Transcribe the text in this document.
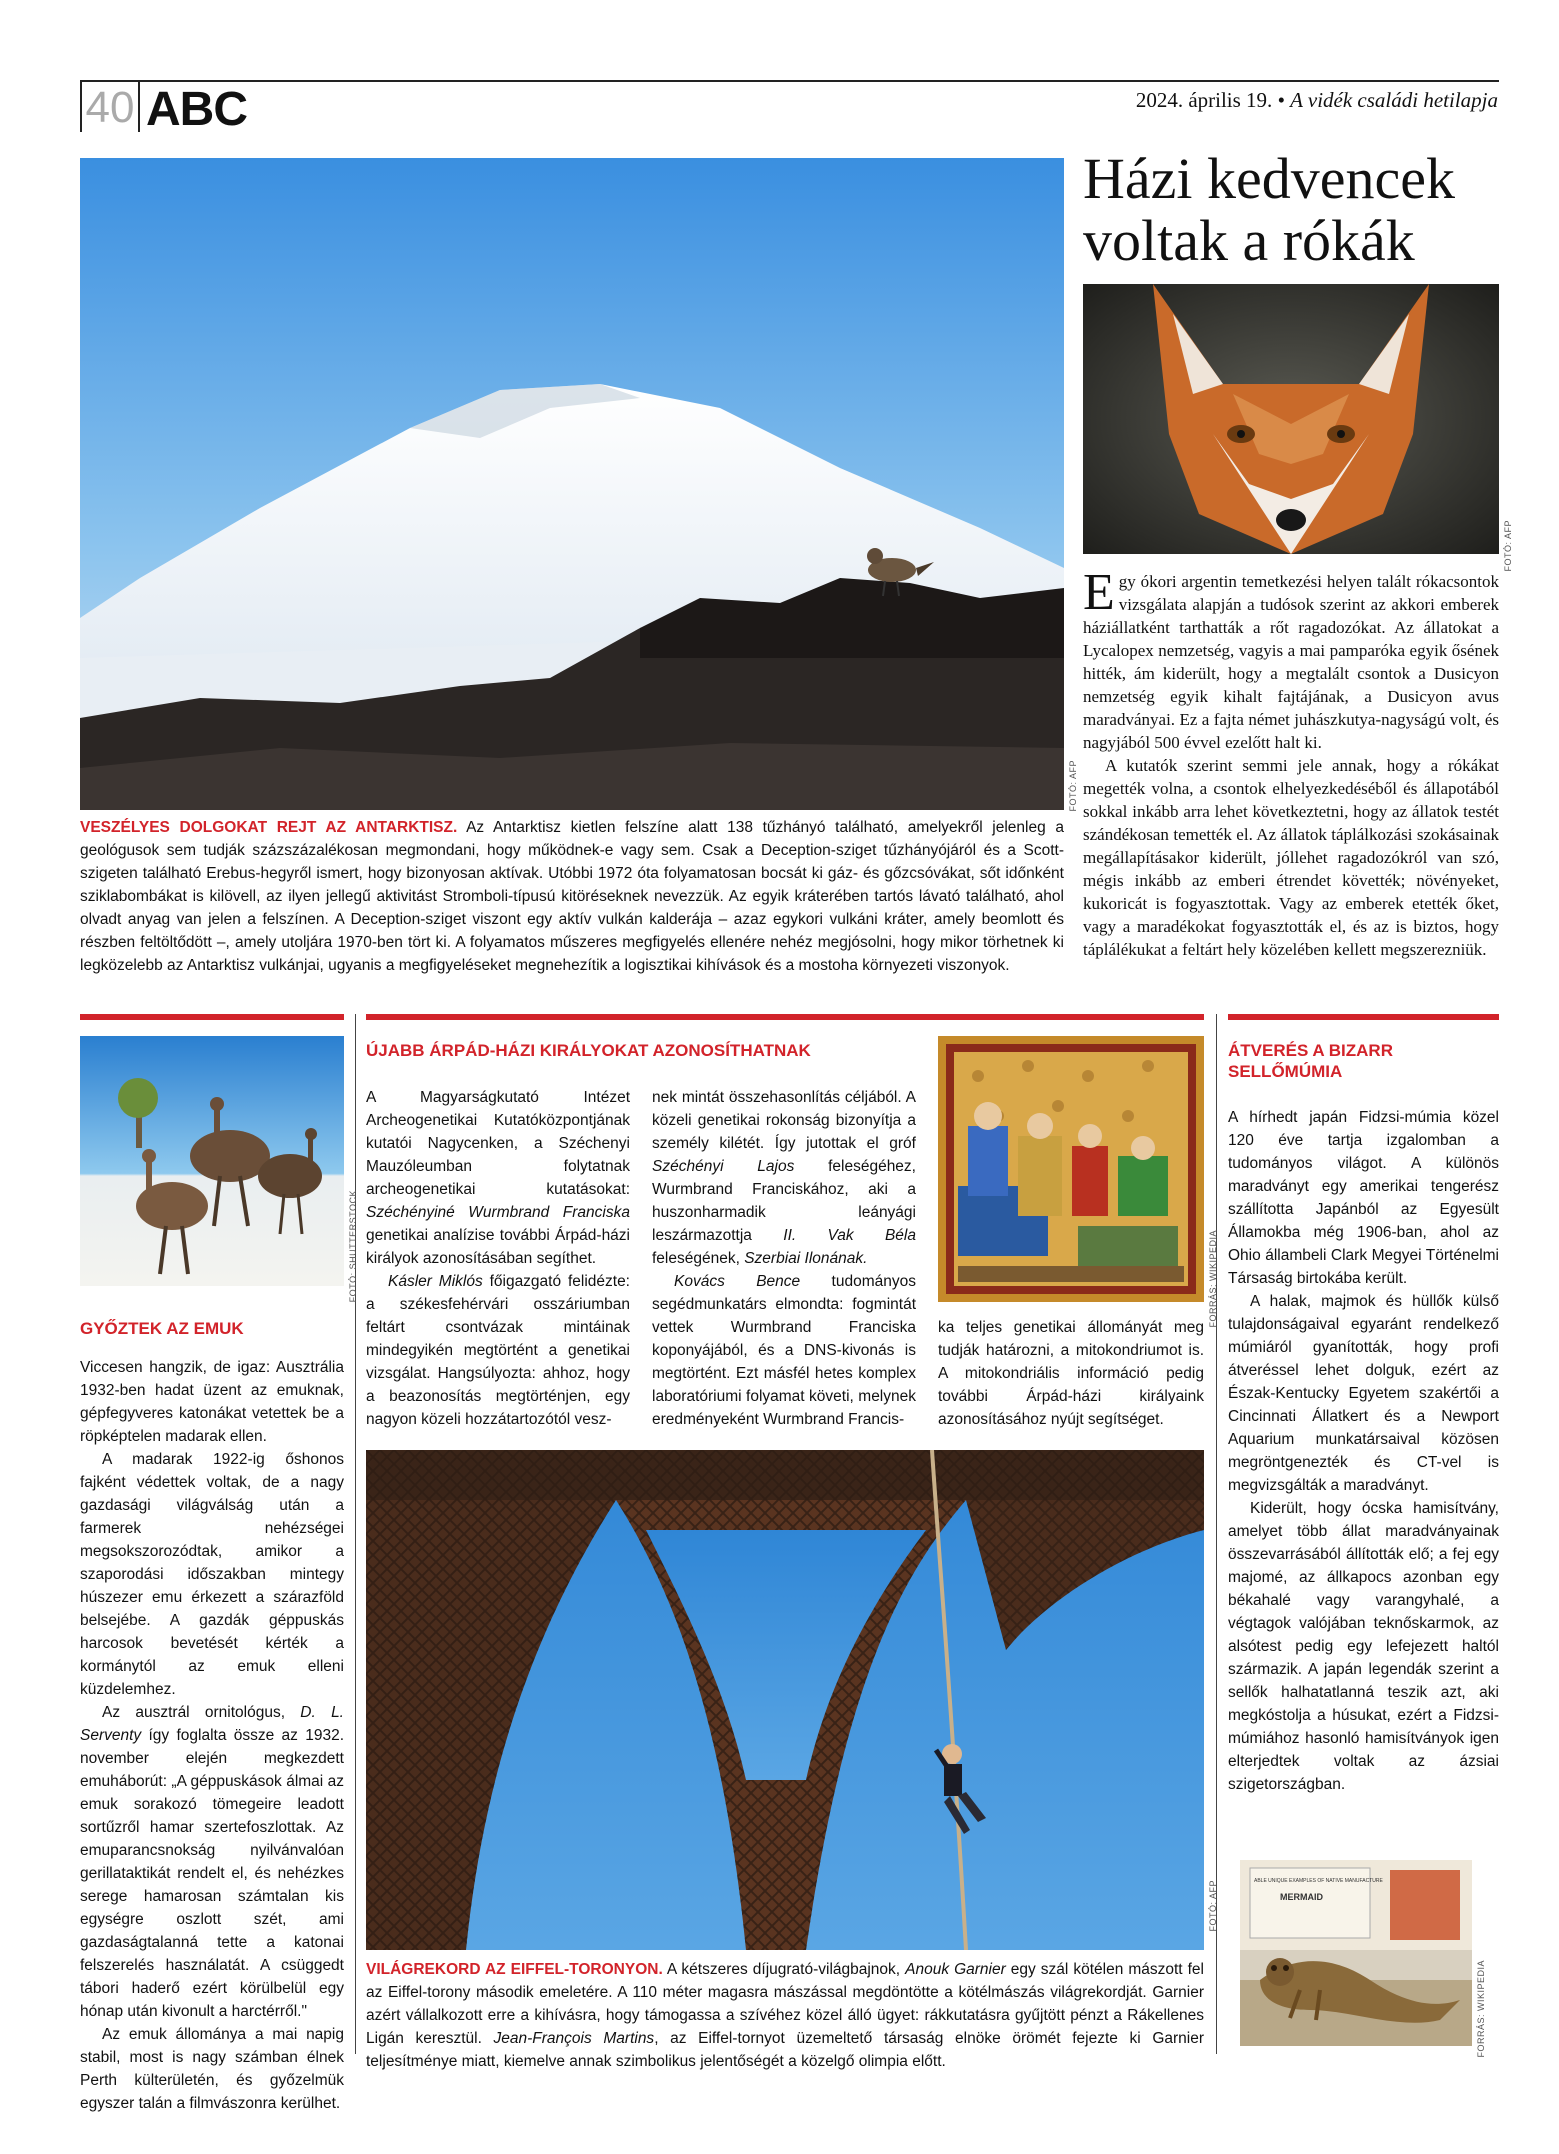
40 ABC	2024. április 19. • A vidék családi hetilapja
FOTÓ: AFP
VESZÉLYES DOLGOKAT REJT AZ ANTARKTISZ. Az Antarktisz kietlen felszíne alatt 138 tűzhányó található, amelyekről jelenleg a geológusok sem tudják százszázalékosan megmondani, hogy működnek-e vagy sem. Csak a Deception-sziget tűzhányójáról és a Scott-szigeten található Erebus-hegyről ismert, hogy bizonyosan aktívak. Utóbbi 1972 óta folyamatosan bocsát ki gáz- és gőzcsóvákat, sőt időnként sziklabombákat is kilövell, az ilyen jellegű aktivitást Stromboli-típusú kitöréseknek nevezzük. Az egyik kráterében tartós lávató található, ahol olvadt anyag van jelen a felszínen. A Deception-sziget viszont egy aktív vulkán kalderája – azaz egykori vulkáni kráter, amely beomlott és részben feltöltődött –, amely utoljára 1970-ben tört ki. A folyamatos műszeres megfigyelés ellenére nehéz megjósolni, hogy mikor törhetnek ki legközelebb az Antarktisz vulkánjai, ugyanis a megfigyeléseket megnehezítik a logisztikai kihívások és a mostoha környezeti viszonyok.
Házi kedvencek voltak a rókák
FOTÓ: AFP

Egy ókori argentin temetkezési helyen talált rókacsontok vizsgálata alapján a tudósok szerint az akkori emberek háziállatként tarthatták a rőt ragadozókat. Az állatokat a Lycalopex nemzetség, vagyis a mai pamparóka egyik ősének hitték, ám kiderült, hogy a megtalált csontok a Dusicyon nemzetség egyik kihalt fajtájának, a Dusicyon avus maradványai. Ez a fajta német juhászkutya-nagyságú volt, és nagyjából 500 évvel ezelőtt halt ki.

A kutatók szerint semmi jele annak, hogy a rókákat megették volna, a csontok elhelyezkedéséből és állapotából sokkal inkább arra lehet következtetni, hogy az állatok testét szándékosan temették el. Az állatok táplálkozási szokásainak megállapításakor kiderült, jóllehet ragadozókról van szó, mégis inkább az emberi étrendet követték; növényeket, kukoricát is fogyasztottak. Vagy az emberek etették őket, vagy a maradékokat fogyasztották el, és az is biztos, hogy táplálékukat a feltárt hely közelében kellett megszerezniük.

FOTÓ: SHUTTERSTOCK
GYŐZTEK AZ EMUK

Viccesen hangzik, de igaz: Ausztrália 1932-ben hadat üzent az emuknak, gépfegyveres katonákat vetettek be a röpképtelen madarak ellen.

A madarak 1922-ig őshonos fajként védettek voltak, de a nagy gazdasági világválság után a farmerek nehézségei megsokszorozódtak, amikor a szaporodási időszakban mintegy húszezer emu érkezett a szárazföld belsejébe. A gazdák géppuskás harcosok bevetését kérték a kormánytól az emuk elleni küzdelemhez.

Az ausztrál ornitológus, D. L. Serventy így foglalta össze az 1932. november elején megkezdett emuháborút: „A géppuskások álmai az emuk sorakozó tömegeire leadott sortűzről hamar szertefoszlottak. Az emuparancsnokság nyilvánvalóan gerillataktikát rendelt el, és nehézkes serege hamarosan számtalan kis egységre oszlott szét, ami gazdaságtalanná tette a katonai felszerelés használatát. A csüggedt tábori haderő ezért körülbelül egy hónap után kivonult a harctérről."

Az emuk állománya a mai napig stabil, most is nagy számban élnek Perth külterületén, és győzelmük egyszer talán a filmvászonra kerülhet.

ÚJABB ÁRPÁD-HÁZI KIRÁLYOKAT AZONOSÍTHATNAK

A Magyarságkutató Intézet Archeogenetikai Kutatóközpontjának kutatói Nagycenken, a Széchenyi Mauzóleumban folytatnak archeogenetikai kutatásokat: Széchényiné Wurmbrand Franciska genetikai analízise további Árpád-házi királyok azonosításában segíthet.

Kásler Miklós főigazgató felidézte: a székesfehérvári osszáriumban feltárt csontvázak mintáinak mindegyikén megtörtént a genetikai vizsgálat. Hangsúlyozta: ahhoz, hogy a beazonosítás megtörténjen, egy nagyon közeli hozzátartozótól vesz-

nek mintát összehasonlítás céljából. A közeli genetikai rokonság bizonyítja a személy kilétét. Így jutottak el gróf Széchényi Lajos feleségéhez, Wurmbrand Franciskához, aki a huszonharmadik leányági leszármazottja II. Vak Béla feleségének, Szerbiai Ilonának.

Kovács Bence tudományos segédmunkatárs elmondta: fogmintát vettek Wurmbrand Franciska koponyájából, és a DNS-kivonás is megtörtént. Ezt másfél hetes komplex laboratóriumi folyamat követi, melynek eredményeként Wurmbrand Francis-

FORRÁS: WIKIPEDIA

ka teljes genetikai állományát meg tudják határozni, a mitokondriumot is. A mitokondriális információ pedig további Árpád-házi királyaink azonosításához nyújt segítséget.

FOTÓ: AFP
VILÁGREKORD AZ EIFFEL-TORONYON. A kétszeres díjugrató-világbajnok, Anouk Garnier egy szál kötélen mászott fel az Eiffel-torony második emeletére. A 110 méter magasra mászással megdöntötte a kötélmászás világrekordját. Garnier azért vállalkozott erre a kihívásra, hogy támogassa a szívéhez közel álló ügyet: rákkutatásra gyűjtött pénzt a Rákellenes Ligán keresztül. Jean-François Martins, az Eiffel-tornyot üzemeltető társaság elnöke örömét fejezte ki Garnier teljesítménye miatt, kiemelve annak szimbolikus jelentőségét a közelgő olimpia előtt.
ÁTVERÉS A BIZARR
SELLŐMÚMIA

A hírhedt japán Fidzsi-múmia közel 120 éve tartja izgalomban a tudományos világot. A különös maradványt egy amerikai tengerész szállította Japánból az Egyesült Államokba még 1906-ban, ahol az Ohio állambeli Clark Megyei Történelmi Társaság birtokába került.

A halak, majmok és hüllők külső tulajdonságaival egyaránt rendelkező múmiáról gyanították, hogy profi átveréssel lehet dolguk, ezért az Észak-Kentucky Egyetem szakértői a Cincinnati Állatkert és a Newport Aquarium munkatársaival közösen megröntgenezték és CT-vel is megvizsgálták a maradványt.

Kiderült, hogy ócska hamisítvány, amelyet több állat maradványainak összevarrásából állították elő; a fej egy majomé, az állkapocs azonban egy békahalé vagy varangyhalé, a végtagok valójában teknőskarmok, az alsótest pedig egy lefejezett haltól származik. A japán legendák szerint a sellők halhatatlanná teszik azt, aki megkóstolja a húsukat, ezért a Fidzsi-múmiához hasonló hamisítványok igen elterjedtek voltak az ázsiai szigetországban.

ABLE UNIQUE EXAMPLES OF NATIVE MANUFACTURE
MERMAID
FORRÁS: WIKIPEDIA
